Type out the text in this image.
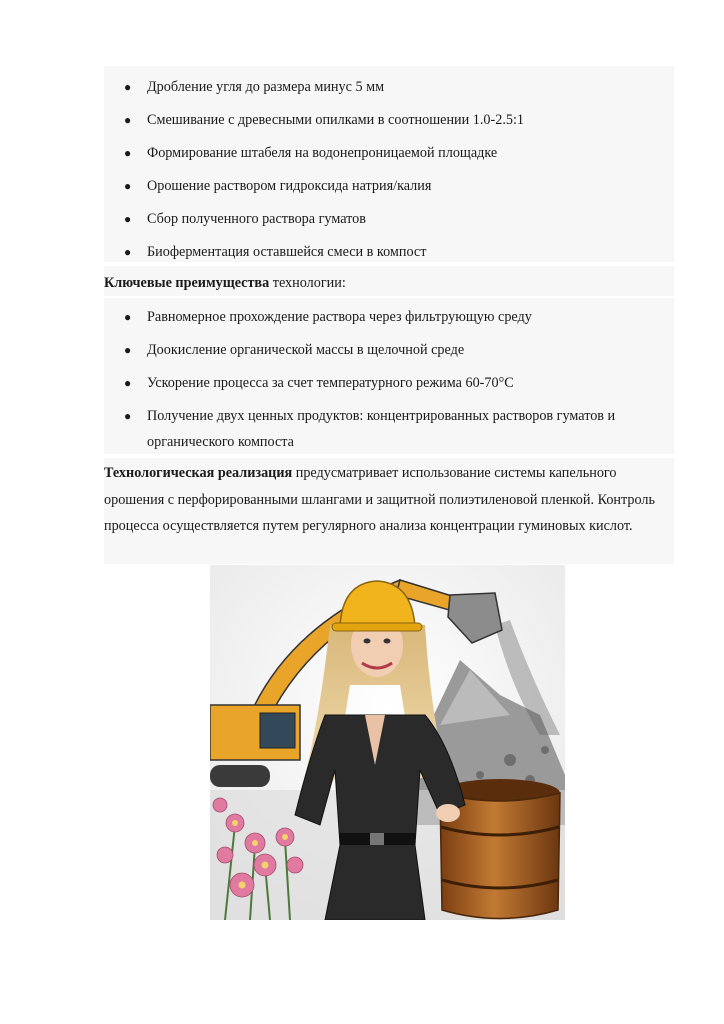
● Дробление угля до размера минус 5 мм
● Смешивание с древесными опилками в соотношении 1.0-2.5:1
● Формирование штабеля на водонепроницаемой площадке
● Орошение раствором гидроксида натрия/калия
● Сбор полученного раствора гуматов
● Биоферментация оставшейся смеси в компост

Ключевые преимущества технологии:

● Равномерное прохождение раствора через фильтрующую среду
● Доокисление органической массы в щелочной среде
● Ускорение процесса за счет температурного режима 60-70°C
● Получение двух ценных продуктов: концентрированных растворов гуматов и органического компоста

Технологическая реализация предусматривает использование системы капельного орошения с перфорированными шлангами и защитной полиэтиленовой пленкой. Контроль процесса осуществляется путем регулярного анализа концентрации гуминовых кислот.
